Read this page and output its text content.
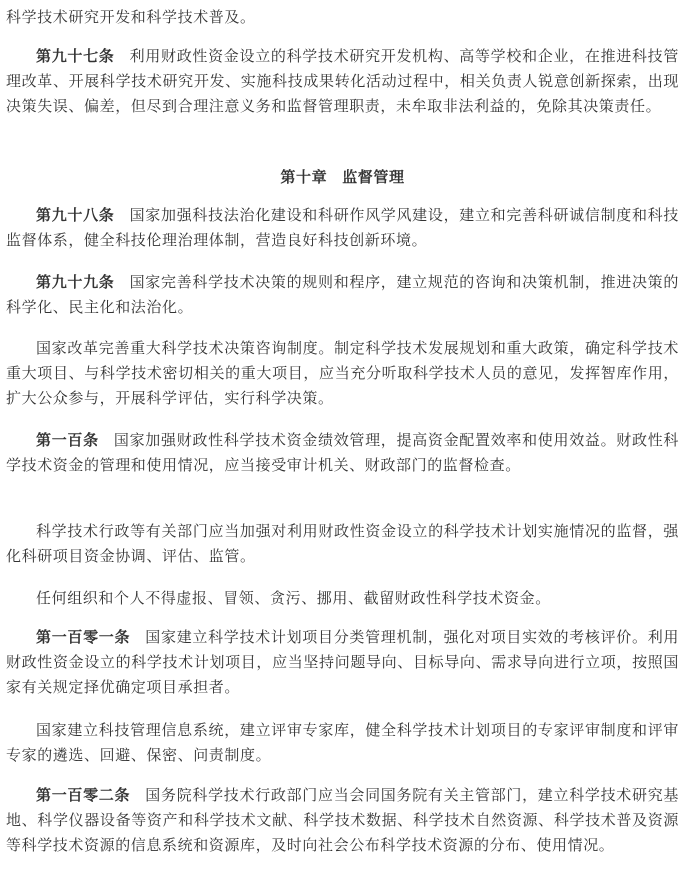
科学技术研究开发和科学技术普及。

第九十七条 利用财政性资金设立的科学技术研究开发机构、高等学校和企业，在推进科技管理改革、开展科学技术研究开发、实施科技成果转化活动过程中，相关负责人锐意创新探索，出现决策失误、偏差，但尽到合理注意义务和监督管理职责，未牟取非法利益的，免除其决策责任。

第十章 监督管理

第九十八条 国家加强科技法治化建设和科研作风学风建设，建立和完善科研诚信制度和科技监督体系，健全科技伦理治理体制，营造良好科技创新环境。

第九十九条 国家完善科学技术决策的规则和程序，建立规范的咨询和决策机制，推进决策的科学化、民主化和法治化。

国家改革完善重大科学技术决策咨询制度。制定科学技术发展规划和重大政策，确定科学技术重大项目、与科学技术密切相关的重大项目，应当充分听取科学技术人员的意见，发挥智库作用，扩大公众参与，开展科学评估，实行科学决策。

第一百条 国家加强财政性科学技术资金绩效管理，提高资金配置效率和使用效益。财政性科学技术资金的管理和使用情况，应当接受审计机关、财政部门的监督检查。

科学技术行政等有关部门应当加强对利用财政性资金设立的科学技术计划实施情况的监督，强化科研项目资金协调、评估、监管。

任何组织和个人不得虚报、冒领、贪污、挪用、截留财政性科学技术资金。

第一百零一条 国家建立科学技术计划项目分类管理机制，强化对项目实效的考核评价。利用财政性资金设立的科学技术计划项目，应当坚持问题导向、目标导向、需求导向进行立项，按照国家有关规定择优确定项目承担者。

国家建立科技管理信息系统，建立评审专家库，健全科学技术计划项目的专家评审制度和评审专家的遴选、回避、保密、问责制度。

第一百零二条 国务院科学技术行政部门应当会同国务院有关主管部门，建立科学技术研究基地、科学仪器设备等资产和科学技术文献、科学技术数据、科学技术自然资源、科学技术普及资源等科学技术资源的信息系统和资源库，及时向社会公布科学技术资源的分布、使用情况。
